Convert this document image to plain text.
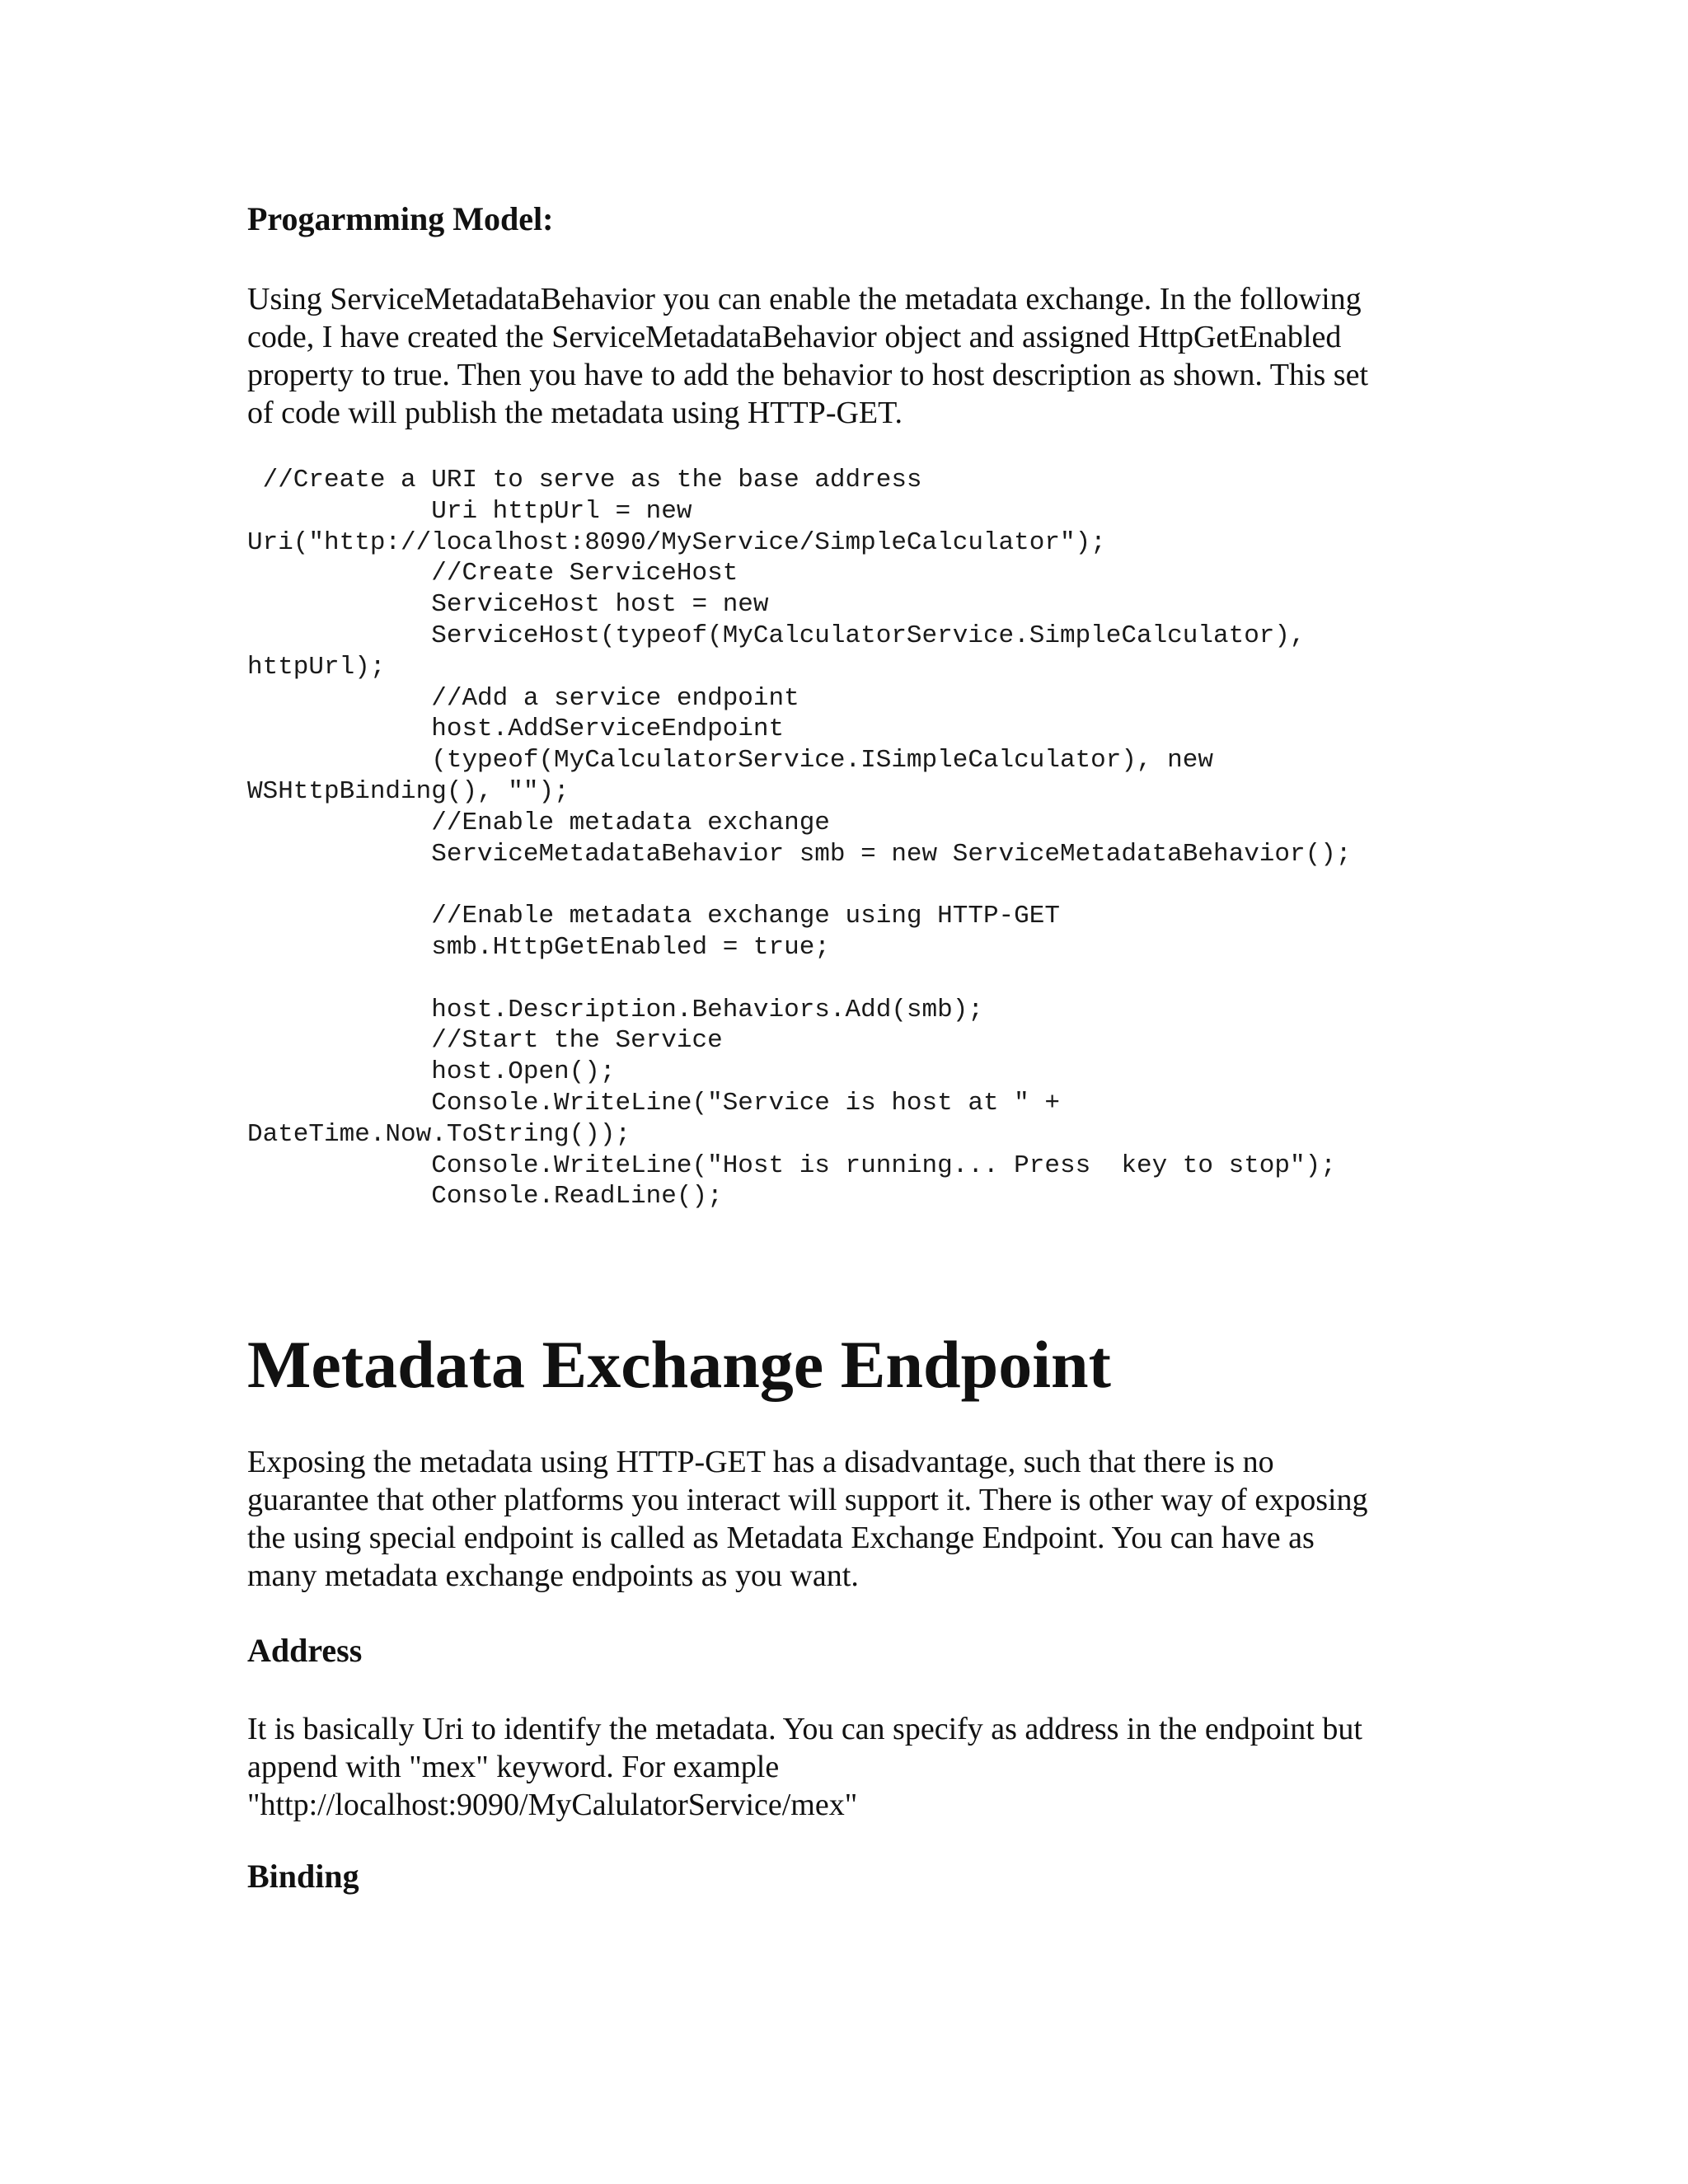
Progarmming Model:

Using ServiceMetadataBehavior you can enable the metadata exchange. In the following
code, I have created the ServiceMetadataBehavior object and assigned HttpGetEnabled
property to true. Then you have to add the behavior to host description as shown. This set
of code will publish the metadata using HTTP-GET.

//Create a URI to serve as the base address
Uri httpUrl = new
Uri("http://localhost:8090/MyService/SimpleCalculator");
//Create ServiceHost
ServiceHost host = new
ServiceHost(typeof(MyCalculatorService.SimpleCalculator),
httpUrl);
//Add a service endpoint
host.AddServiceEndpoint
(typeof(MyCalculatorService.ISimpleCalculator), new
WSHttpBinding(), "");
//Enable metadata exchange
ServiceMetadataBehavior smb = new ServiceMetadataBehavior();
//Enable metadata exchange using HTTP-GET
smb.HttpGetEnabled = true;
host.Description.Behaviors.Add(smb);
//Start the Service
host.Open();
Console.WriteLine("Service is host at " +
DateTime.Now.ToString());
Console.WriteLine("Host is running... Press  key to stop");
Console.ReadLine();
Metadata Exchange Endpoint

Exposing the metadata using HTTP-GET has a disadvantage, such that there is no
guarantee that other platforms you interact will support it. There is other way of exposing
the using special endpoint is called as Metadata Exchange Endpoint. You can have as
many metadata exchange endpoints as you want.

Address

It is basically Uri to identify the metadata. You can specify as address in the endpoint but
append with "mex" keyword. For example
"http://localhost:9090/MyCalulatorService/mex"

Binding
